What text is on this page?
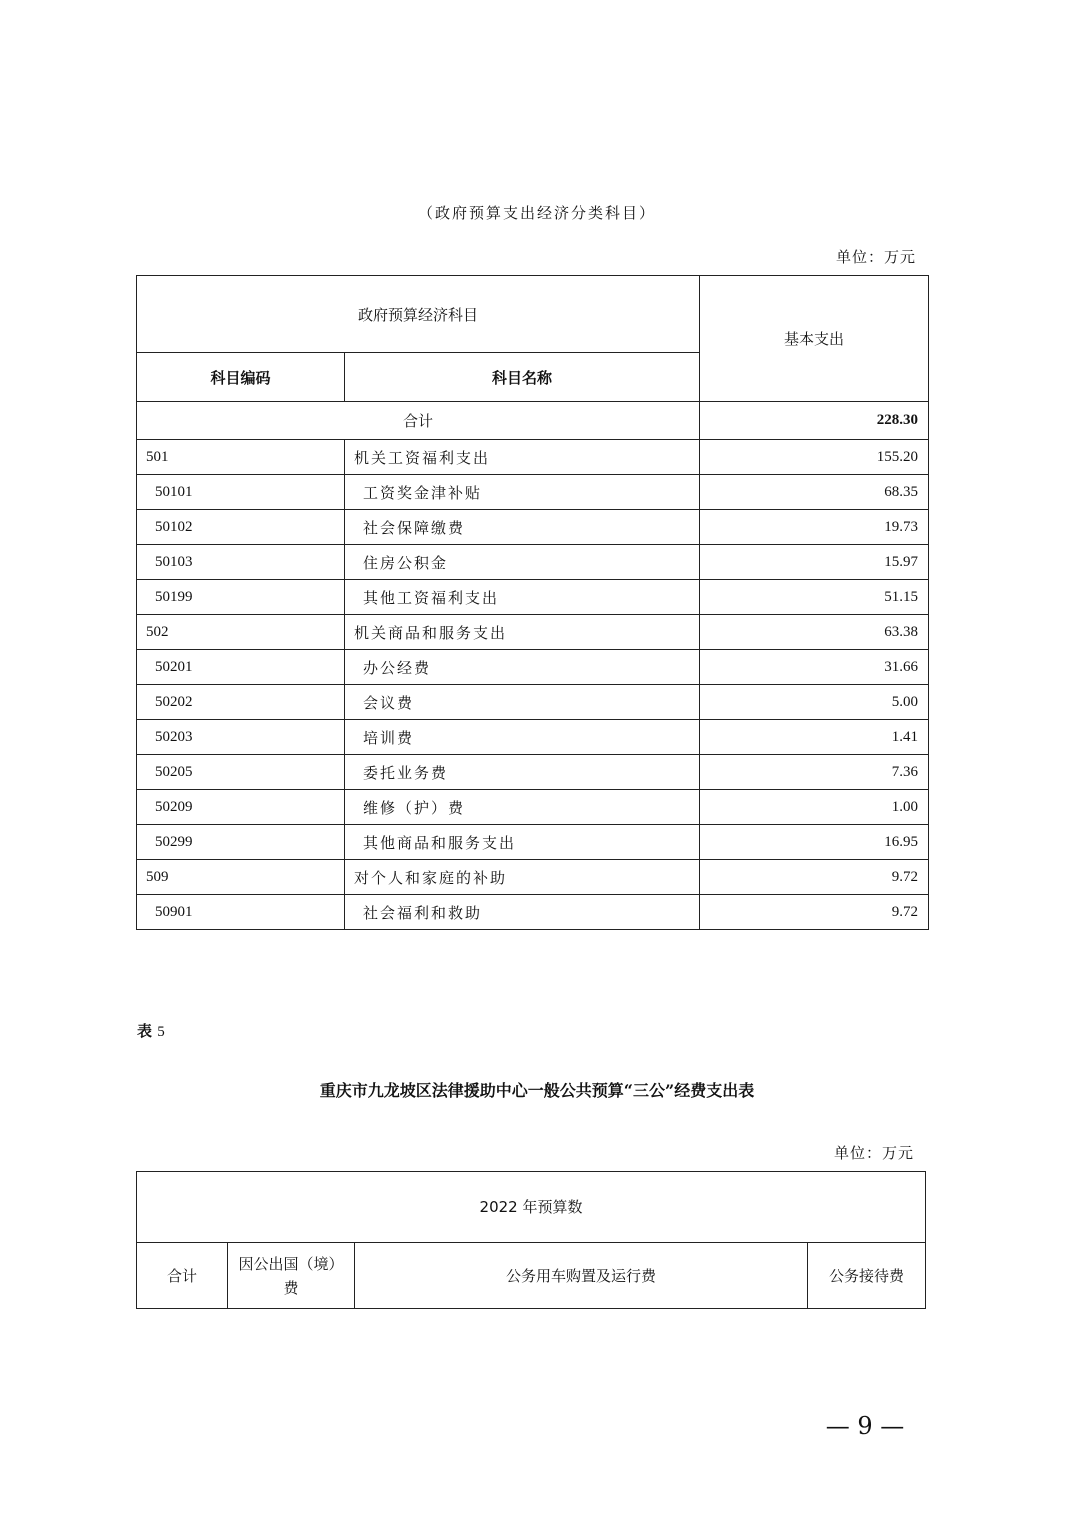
（政府预算支出经济分类科目）
单位：万元
政府预算经济科目		基本支出
科目编码	科目名称	
合计		228.30
501	机关工资福利支出	155.20
50101	工资奖金津补贴	68.35
50102	社会保障缴费	19.73
50103	住房公积金	15.97
50199	其他工资福利支出	51.15
502	机关商品和服务支出	63.38
50201	办公经费	31.66
50202	会议费	5.00
50203	培训费	1.41
50205	委托业务费	7.36
50209	维修（护）费	1.00
50299	其他商品和服务支出	16.95
509	对个人和家庭的补助	9.72
50901	社会福利和救助	9.72
表 5
重庆市九龙坡区法律援助中心一般公共预算“三公”经费支出表
单位：万元
2022 年预算数
合计	因公出国（境）费	公务用车购置及运行费	公务接待费
— 9 —
